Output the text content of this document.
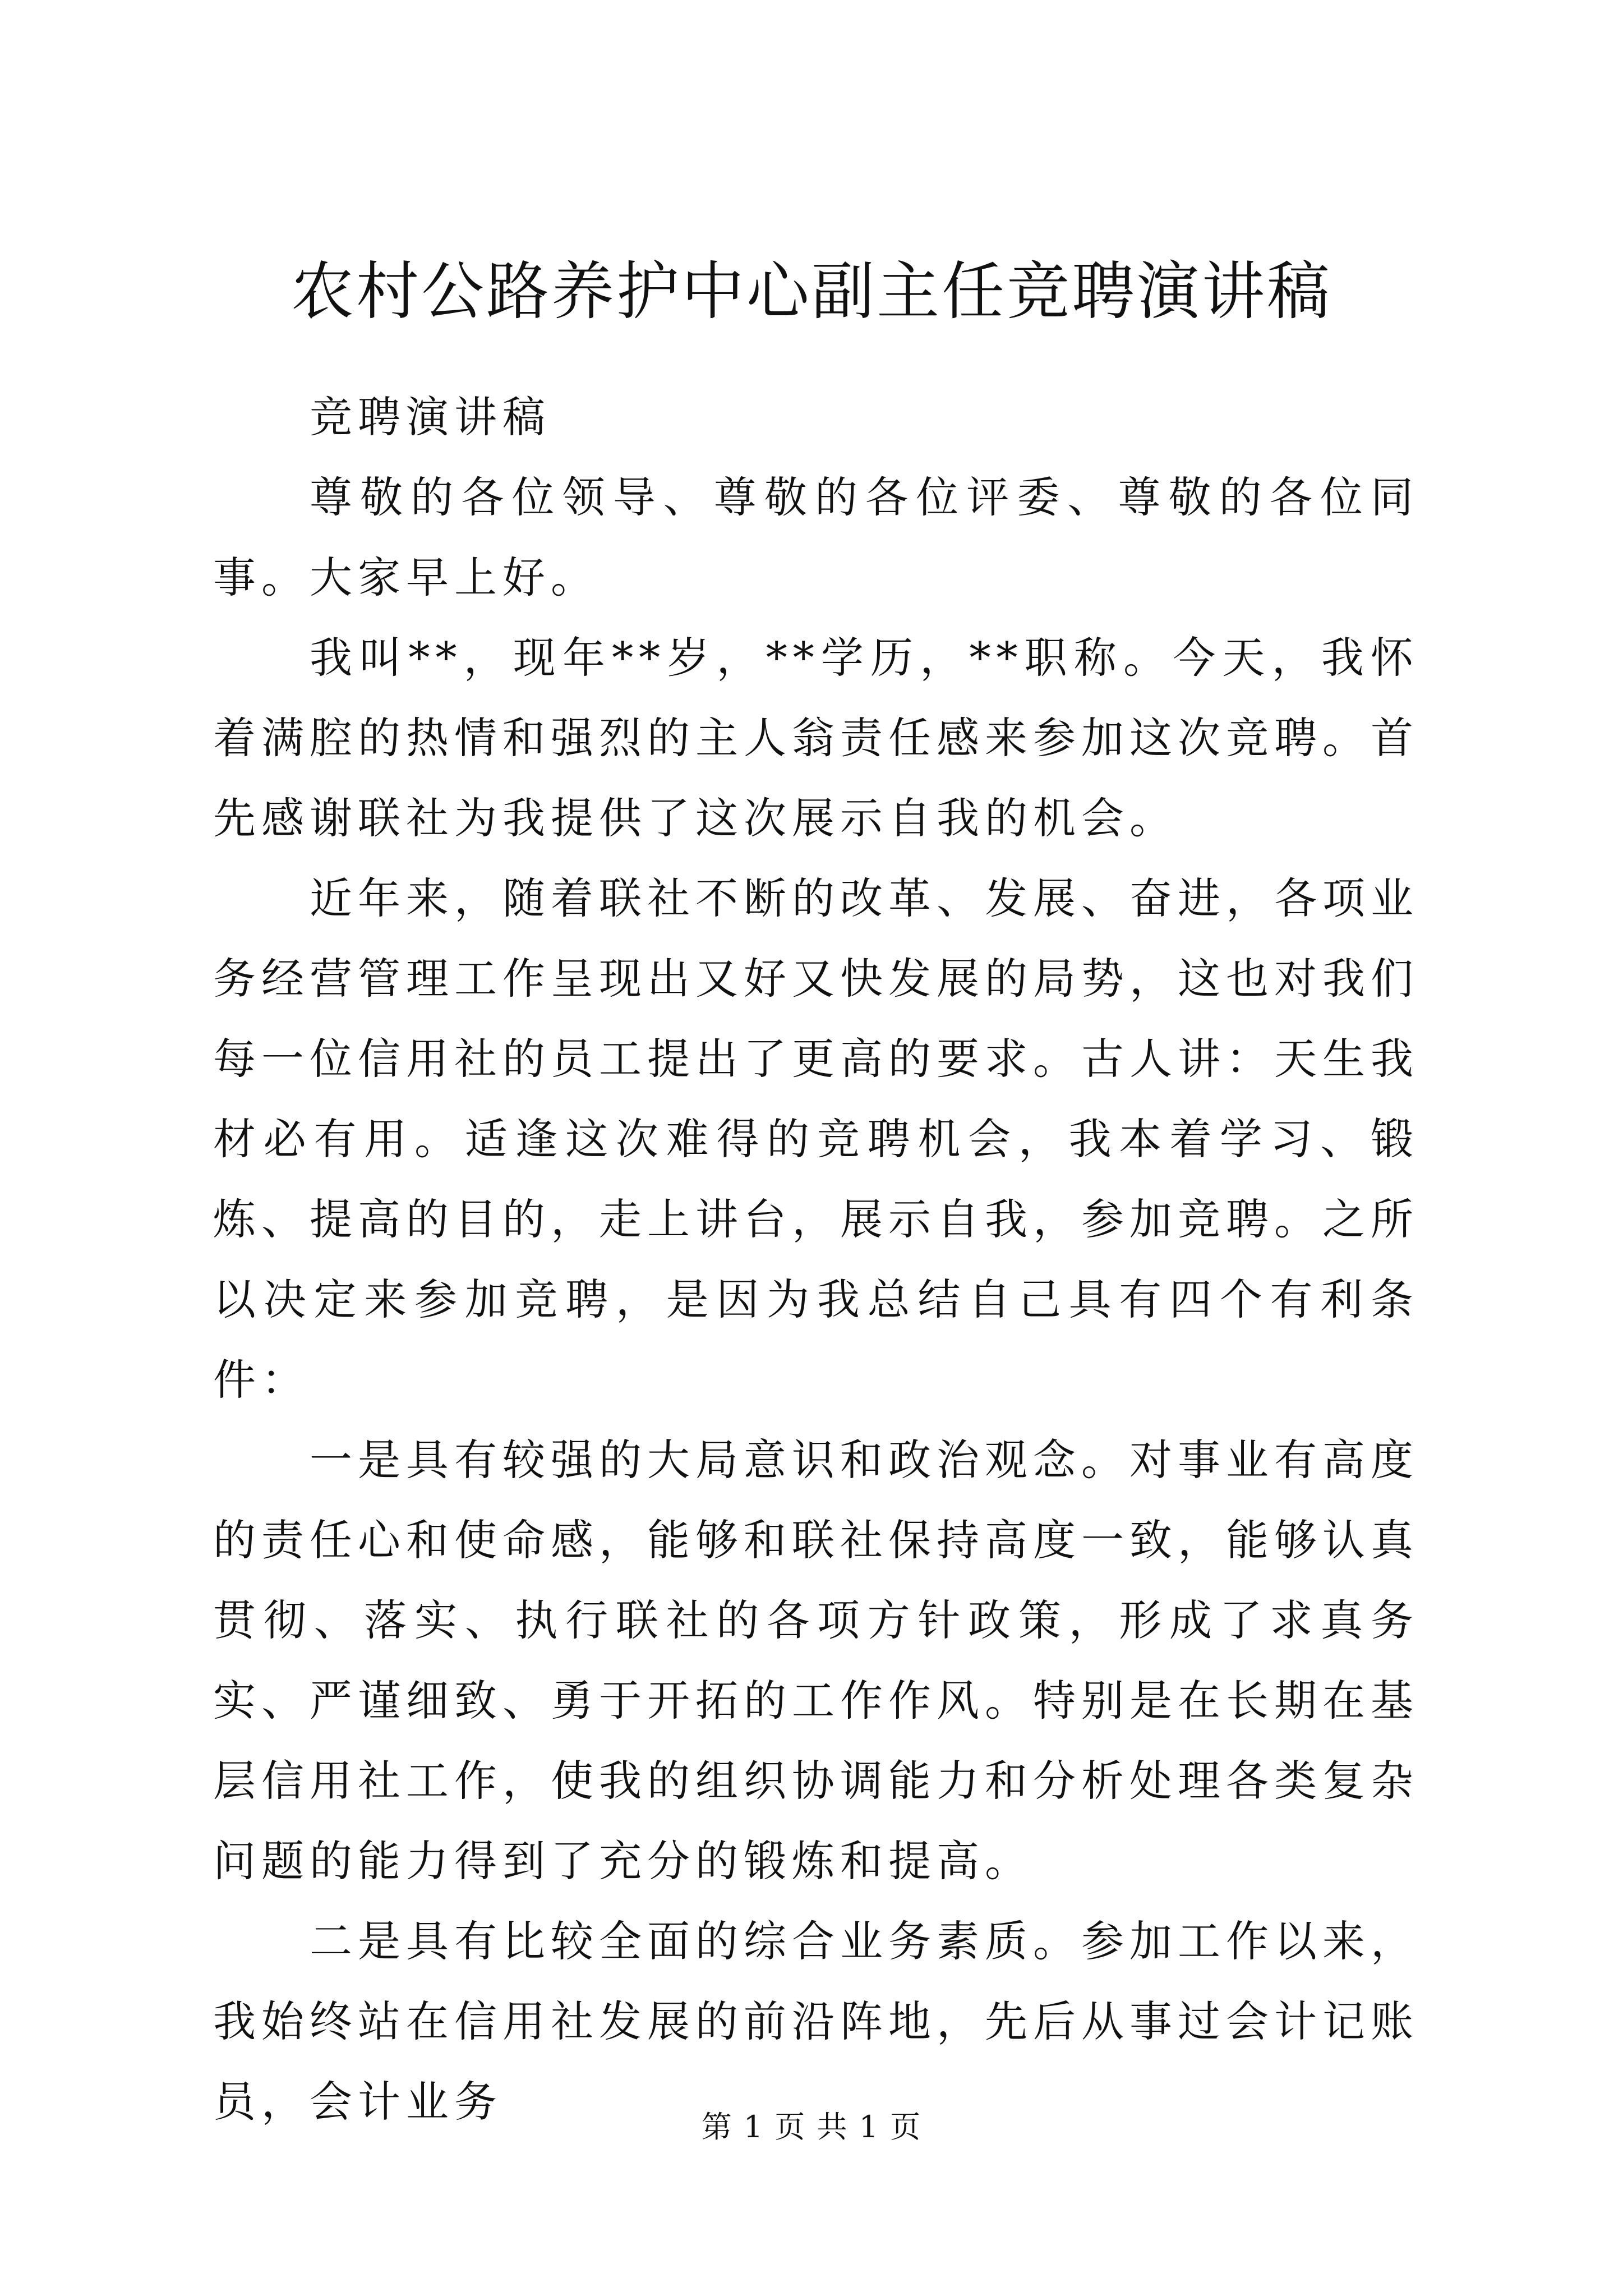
农村公路养护中心副主任竞聘演讲稿

竞聘演讲稿

尊敬的各位领导、尊敬的各位评委、尊敬的各位同事。大家早上好。

我叫**，现年**岁，**学历，**职称。今天，我怀着满腔的热情和强烈的主人翁责任感来参加这次竞聘。首先感谢联社为我提供了这次展示自我的机会。

近年来，随着联社不断的改革、发展、奋进，各项业务经营管理工作呈现出又好又快发展的局势，这也对我们每一位信用社的员工提出了更高的要求。古人讲：天生我材必有用。适逢这次难得的竞聘机会，我本着学习、锻炼、提高的目的，走上讲台，展示自我，参加竞聘。之所以决定来参加竞聘，是因为我总结自己具有四个有利条件：

一是具有较强的大局意识和政治观念。对事业有高度的责任心和使命感，能够和联社保持高度一致，能够认真贯彻、落实、执行联社的各项方针政策，形成了求真务实、严谨细致、勇于开拓的工作作风。特别是在长期在基层信用社工作，使我的组织协调能力和分析处理各类复杂问题的能力得到了充分的锻炼和提高。

二是具有比较全面的综合业务素质。参加工作以来，我始终站在信用社发展的前沿阵地，先后从事过会计记账员，会计业务

第 1 页 共 1 页
